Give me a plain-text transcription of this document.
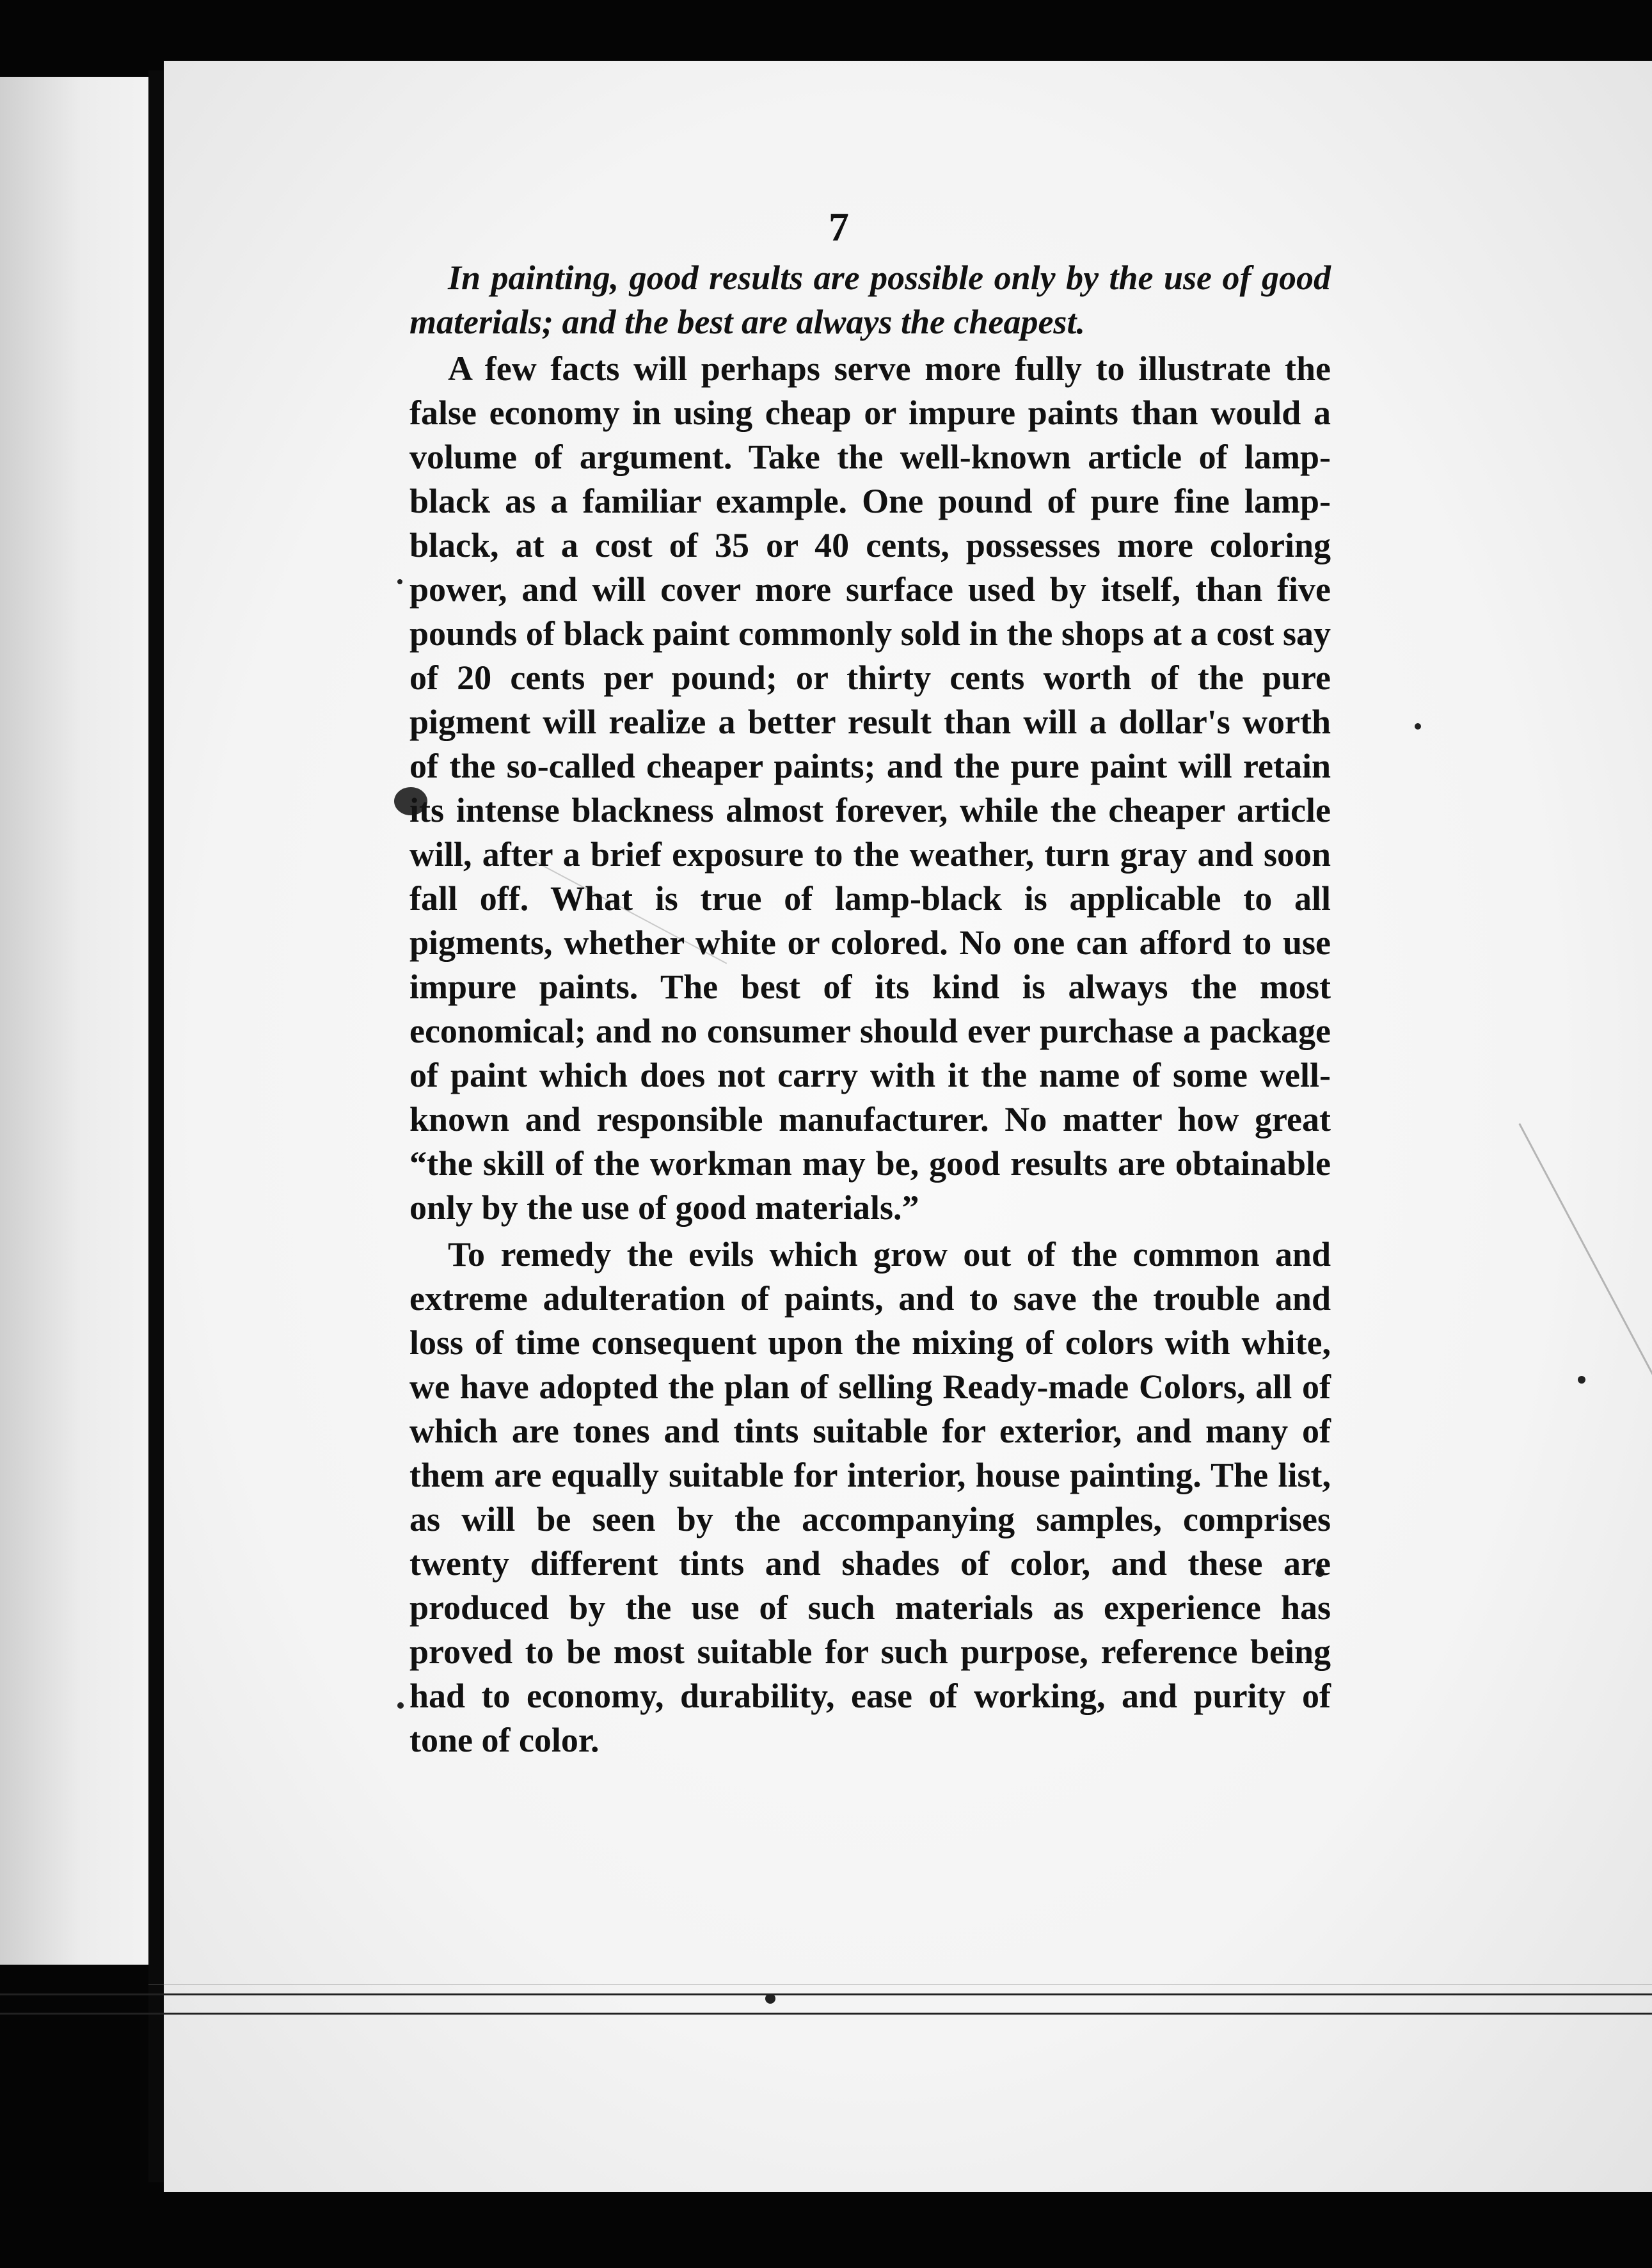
7

In painting, good results are possible only by the use of good materials; and the best are always the cheapest.

A few facts will perhaps serve more fully to illustrate the false economy in using cheap or impure paints than would a volume of argument. Take the well-known article of lamp-black as a familiar example. One pound of pure fine lamp-black, at a cost of 35 or 40 cents, possesses more coloring power, and will cover more surface used by itself, than five pounds of black paint commonly sold in the shops at a cost say of 20 cents per pound; or thirty cents worth of the pure pigment will realize a better result than will a dollar's worth of the so-called cheaper paints; and the pure paint will retain its intense blackness almost forever, while the cheaper article will, after a brief exposure to the weather, turn gray and soon fall off. What is true of lamp-black is applicable to all pigments, whether white or colored. No one can afford to use impure paints. The best of its kind is always the most economical; and no consumer should ever purchase a package of paint which does not carry with it the name of some well-known and responsible manufacturer. No matter how great “the skill of the workman may be, good results are obtainable only by the use of good materials.”

To remedy the evils which grow out of the common and extreme adulteration of paints, and to save the trouble and loss of time consequent upon the mixing of colors with white, we have adopted the plan of selling Ready-made Colors, all of which are tones and tints suitable for exterior, and many of them are equally suitable for interior, house painting. The list, as will be seen by the accompanying samples, comprises twenty different tints and shades of color, and these are produced by the use of such materials as experience has proved to be most suitable for such purpose, reference being had to economy, durability, ease of working, and purity of tone of color.
